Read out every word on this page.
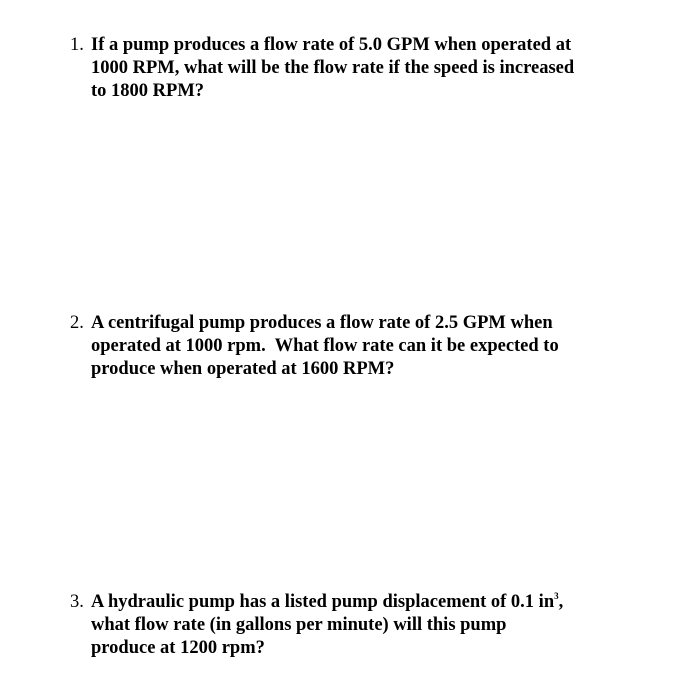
1. If a pump produces a flow rate of 5.0 GPM when operated at
1000 RPM, what will be the flow rate if the speed is increased
to 1800 RPM?
2. A centrifugal pump produces a flow rate of 2.5 GPM when
operated at 1000 rpm.  What flow rate can it be expected to
produce when operated at 1600 RPM?
3. A hydraulic pump has a listed pump displacement of 0.1 $in^3$,
what flow rate (in gallons per minute) will this pump
produce at 1200 rpm?
